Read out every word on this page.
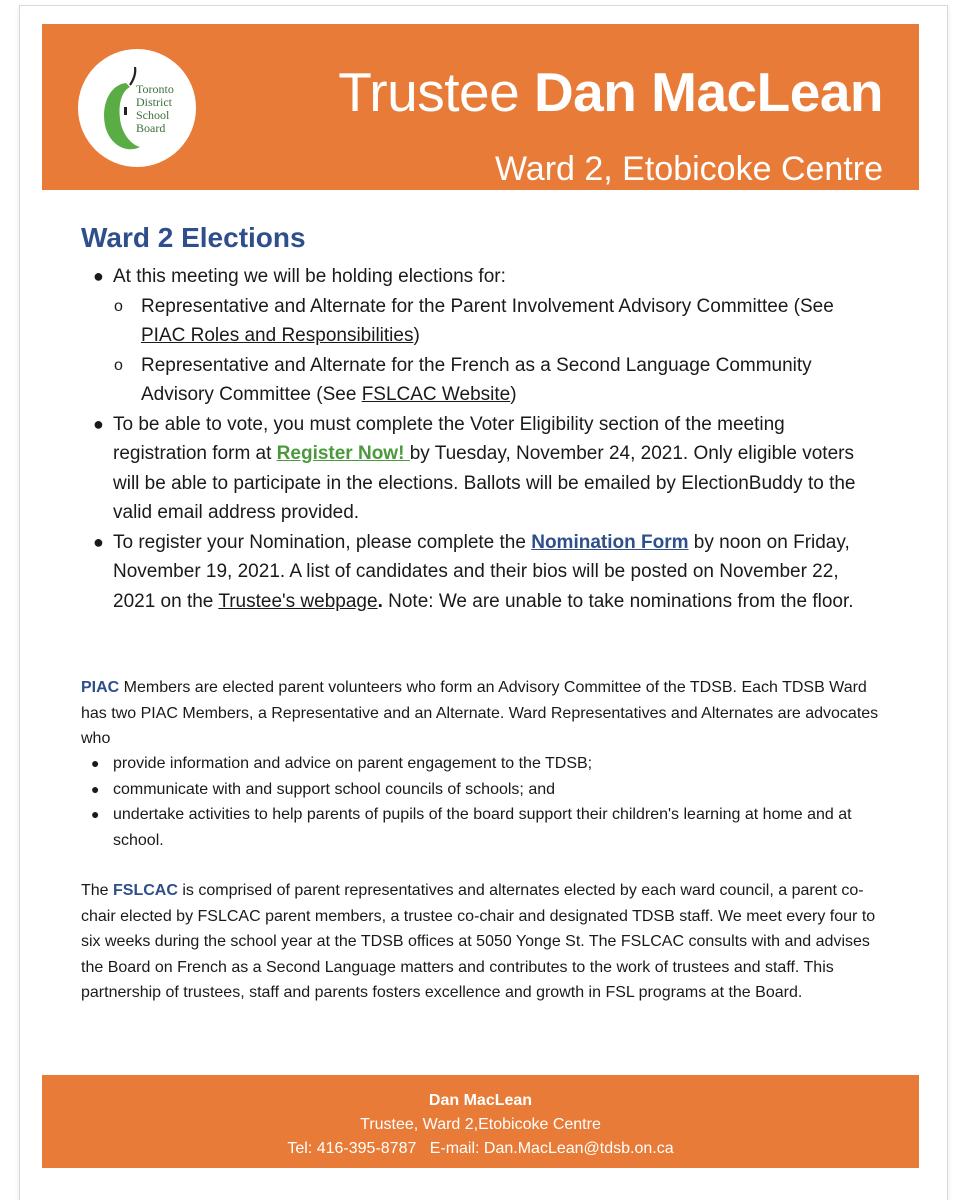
Toronto
District
School
Board
Trustee Dan MacLean
Ward 2, Etobicoke Centre
Ward 2 Elections
● At this meeting we will be holding elections for:
o Representative and Alternate for the Parent Involvement Advisory Committee (See PIAC Roles and Responsibilities)
o Representative and Alternate for the French as a Second Language Community Advisory Committee (See FSLCAC Website)
● To be able to vote, you must complete the Voter Eligibility section of the meeting registration form at Register Now! by Tuesday, November 24, 2021. Only eligible voters will be able to participate in the elections. Ballots will be emailed by ElectionBuddy to the valid email address provided.
● To register your Nomination, please complete the Nomination Form by noon on Friday, November 19, 2021. A list of candidates and their bios will be posted on November 22, 2021 on the Trustee's webpage. Note: We are unable to take nominations from the floor.
PIAC Members are elected parent volunteers who form an Advisory Committee of the TDSB. Each TDSB Ward has two PIAC Members, a Representative and an Alternate. Ward Representatives and Alternates are advocates who
● provide information and advice on parent engagement to the TDSB;
● communicate with and support school councils of schools; and
● undertake activities to help parents of pupils of the board support their children's learning at home and at school.
The FSLCAC is comprised of parent representatives and alternates elected by each ward council, a parent co-chair elected by FSLCAC parent members, a trustee co-chair and designated TDSB staff. We meet every four to six weeks during the school year at the TDSB offices at 5050 Yonge St. The FSLCAC consults with and advises the Board on French as a Second Language matters and contributes to the work of trustees and staff. This partnership of trustees, staff and parents fosters excellence and growth in FSL programs at the Board.
Dan MacLean
Trustee, Ward 2,Etobicoke Centre
Tel: 416-395-8787   E-mail: Dan.MacLean@tdsb.on.ca
